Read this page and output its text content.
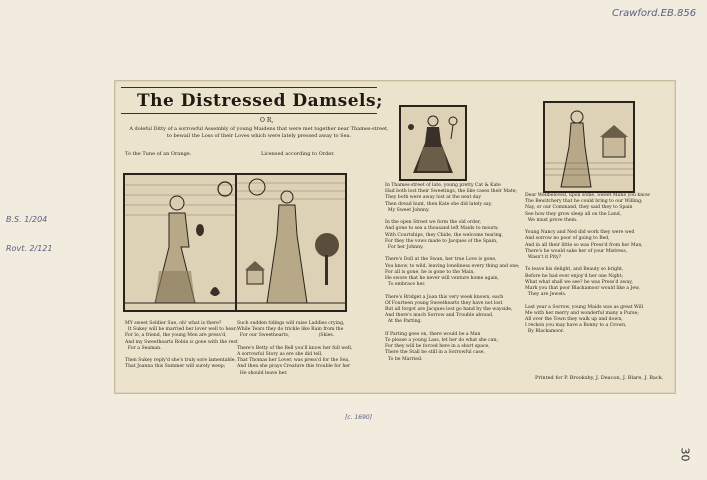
Crawford.EB.856
B.S. 1/204
Rovt. 2/121
30
The Distressed Damsels;
O R,
A doleful Ditty of a sorrowful Assembly of young Maidens that were met together near Thames-street, to bewail the Loss of their Loves which were lately pressed away to Sea.
To the Tune of an Orange.	Licensed according to Order.
MY sweet Soldier Sue, oh! what is there?
It Sukey will be married her lover well to hear;
For lo, a friend, the young Men are press'd,
And my Sweethearts Robin is gone with the rest
For a Seaman.

Then Sukey reply'd she's truly sore lamentable,
That Joanna this Summer will surely weep;
Such sudden tidings will raise Laddies crying,
While Tears they do trickle like Rain from the
For our Sweethearts,                    (Skies.

There's Betty of the Bell you'll know her full well,
A sorrowful Story as ere she did tell,
That Thomas her Lover, was press'd for the Sea,
And then she prays Creature this trouble for her
He should leave her.
In Thames-street of late, young pretty Cat & Kate
Had both lost their Sweetings, the like cases their Mate;
They both were away lost at the next day
Then dread hunt, then Kate she did lately say,
My Sweet Johnny.

In the open Street we form the old order,
And gone to sea a thousand left Maids to mourn;
With Courtships, they Chide, the welcome tearing,
For they the vows made to Jacques of the Spain,
For her Johnny.

There's Doll at the Swan, her true Love is gone,
You know, to wild, leaving loneliness every thing and one;
For all is gone, he is gone to the Main,
He swore that he never will venture home again,
To embrace her.

There's Bridget a Joan this very week known, each
Of Fourteen young Sweethearts they have not lost
But all forgot are Jacques lost go hand by the wayside,
And there's much Sorrow and Trouble abroad,
At the Parting.

If Parting goes on, there would be a Man
To please a young Lass, let her do what she can;
For they will be forced here in a short space,
There the Stall be still in a Sorrowful case,
To be Married.
Dear Wellbeloved, upon some, Sweet Millie you know
The Bewitchery that he could bring to our Willing;
Nay, or our Command, they said they to Spain
See how they grow sleep all on the Land,
We must prove them.

Young Nancy and Ned did work they were wed
And sorrow no poor of going to Bed,
And in all their little so was Press'd from her Man,
There's he would sake her of your Mistress,
Wasn't it Pity?

To leave his delight, and Beauty so bright,
Before he had ever enjoy'd her one Night;
What what shall we see? he was Press'd away,
Mark you that poor Blackamoor would like a Jew,
They are Jewels.

Last year a Sorrow, young Maids was as great Will
Me with her merry and wonderful many a Purse;
All over the Town they walk up and down,
I reckon you may have a Bonny to a Crown,
By Blackamoor.
Printed for P. Brooksby, J. Deacon, J. Blare, J. Back.
[c. 1690]
